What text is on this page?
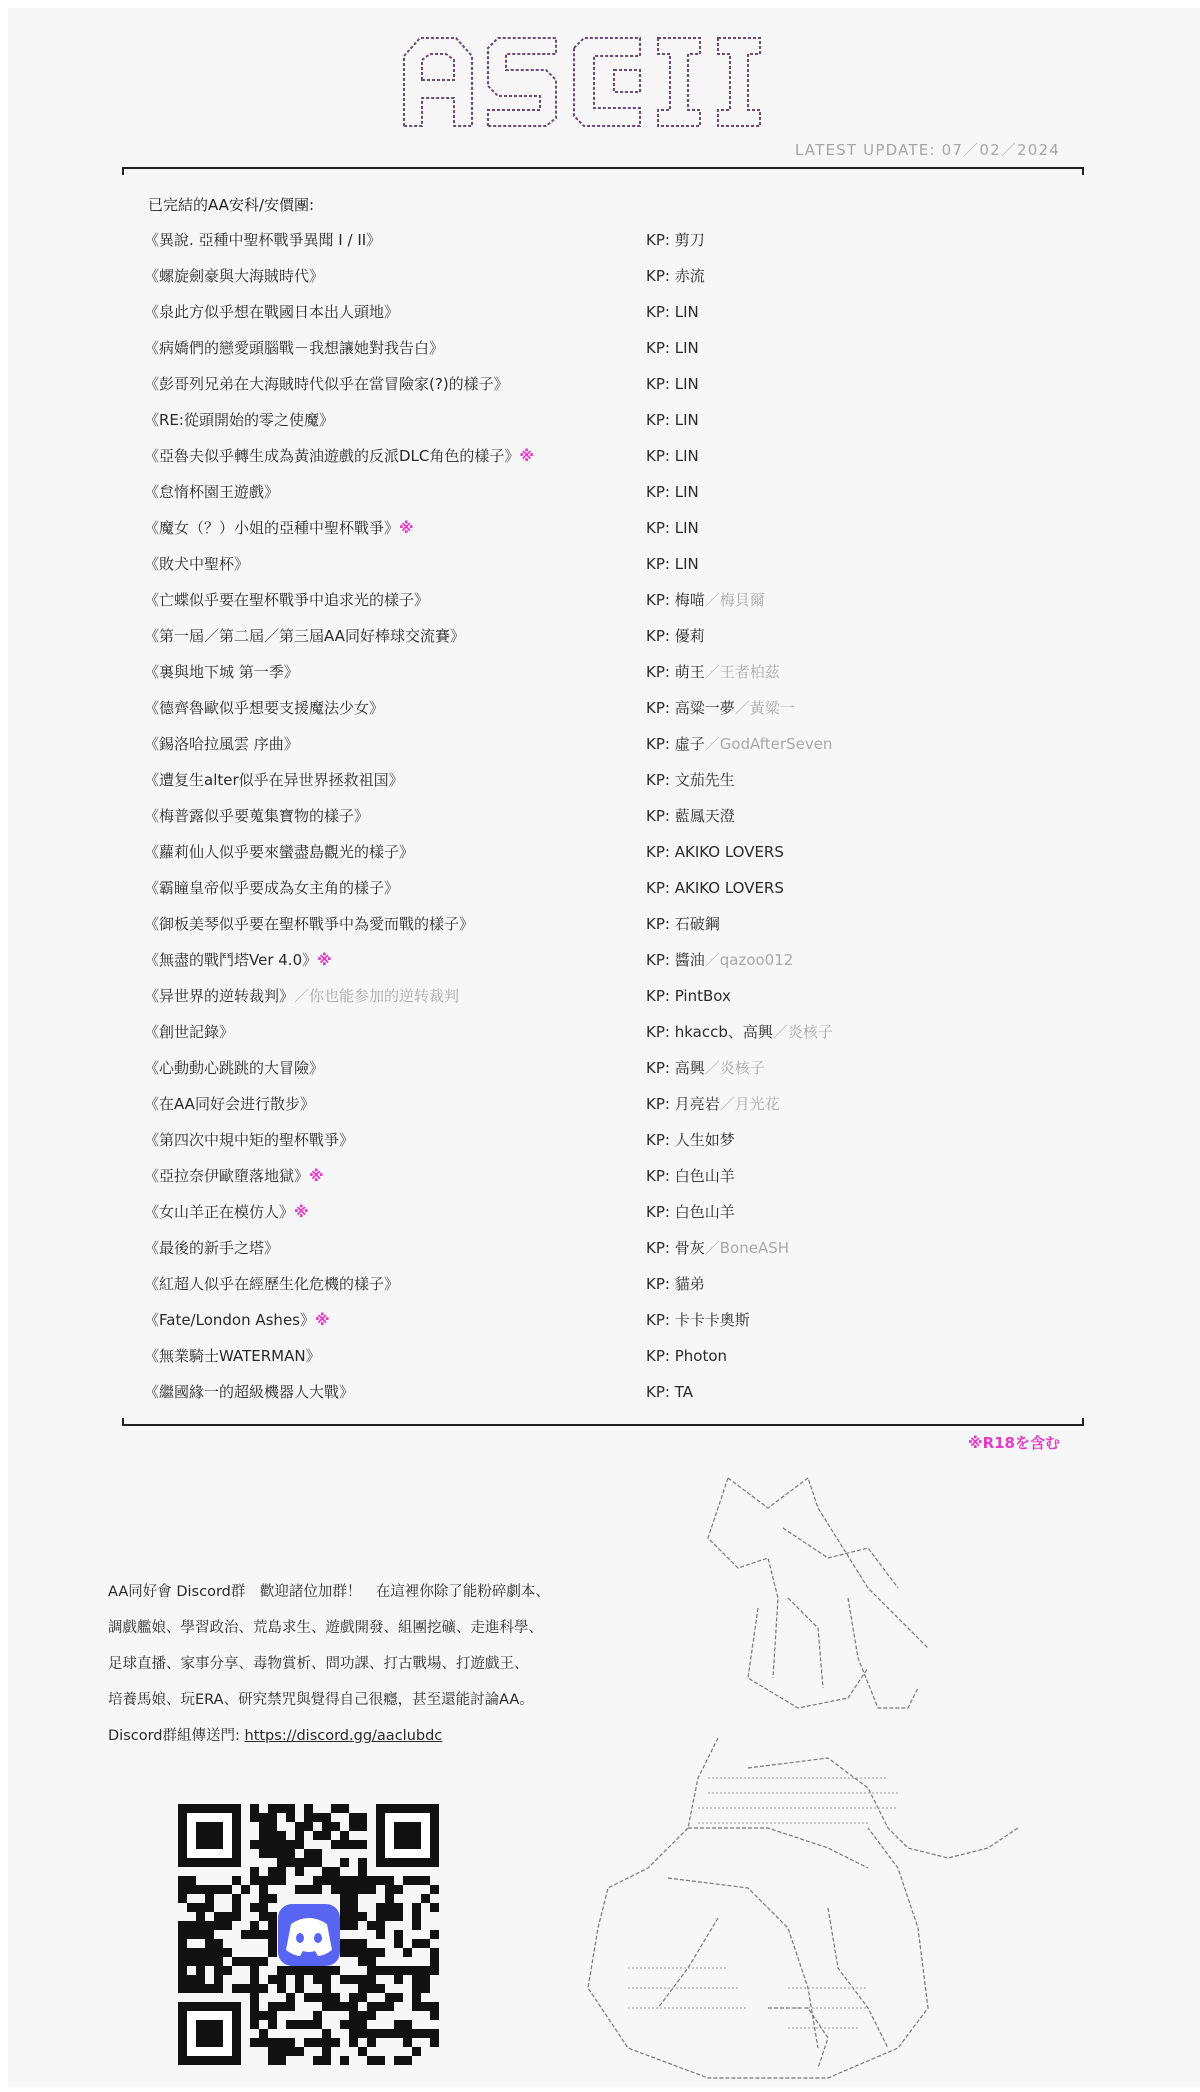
LATEST UPDATE: 07／02／2024
已完結的AA安科/安價團:
《異說. 亞種中聖杯戰爭異聞 I / II》	KP: 剪刀
《螺旋劍豪與大海賊時代》	KP: 赤流
《泉此方似乎想在戰國日本出人頭地》	KP: LIN
《病嬌們的戀愛頭腦戰－我想讓她對我告白》	KP: LIN
《彭哥列兄弟在大海賊時代似乎在當冒險家(?)的樣子》	KP: LIN
《RE:從頭開始的零之使魔》	KP: LIN
《亞魯夫似乎轉生成為黃油遊戲的反派DLC角色的樣子》※	KP: LIN
《怠惰杯園王遊戲》	KP: LIN
《魔女（？）小姐的亞種中聖杯戰爭》※	KP: LIN
《敗犬中聖杯》	KP: LIN
《亡蝶似乎要在聖杯戰爭中追求光的樣子》	KP: 梅喵／梅貝爾
《第一屆／第二屆／第三屆AA同好棒球交流賽》	KP: 優莉
《裏與地下城 第一季》	KP: 萌王／王者柏茲
《德齊魯歐似乎想要支援魔法少女》	KP: 高粱一夢／黃粱一
《錫洛哈拉風雲 序曲》	KP: 虛子／GodAfterSeven
《遭复生alter似乎在异世界拯救祖国》	KP: 文茄先生
《梅普露似乎要蒐集寶物的樣子》	KP: 藍鳳天澄
《蘿莉仙人似乎要來蠻盡島觀光的樣子》	KP: AKIKO LOVERS
《霸瞳皇帝似乎要成為女主角的樣子》	KP: AKIKO LOVERS
《御板美琴似乎要在聖杯戰爭中為愛而戰的樣子》	KP: 石破鋼
《無盡的戰鬥塔Ver 4.0》※	KP: 醬油／qazoo012
《异世界的逆转裁判》／你也能参加的逆转裁判	KP: PintBox
《創世記錄》	KP: hkaccb、高興／炎核子
《心動動心跳跳的大冒險》	KP: 高興／炎核子
《在AA同好会进行散步》	KP: 月亮岩／月光花
《第四次中規中矩的聖杯戰爭》	KP: 人生如梦
《亞拉奈伊歐墮落地獄》※	KP: 白色山羊
《女山羊正在模仿人》※	KP: 白色山羊
《最後的新手之塔》	KP: 骨灰／BoneASH
《紅超人似乎在經歷生化危機的樣子》	KP: 貓弟
《Fate/London Ashes》※	KP: 卡卡卡奧斯
《無業騎士WATERMAN》	KP: Photon
《繼國緣一的超級機器人大戰》	KP: TA
※R18を含む

AA同好會 Discord群　歡迎諸位加群！　在這裡你除了能粉碎劇本、

調戲艦娘、學習政治、荒島求生、遊戲開發、組團挖礦、走進科學、

足球直播、家事分享、毒物賞析、問功課、打古戰場、打遊戲王、

培養馬娘、玩ERA、研究禁咒與覺得自己很癮，甚至還能討論AA。

Discord群組傳送門: https://discord.gg/aaclubdc
